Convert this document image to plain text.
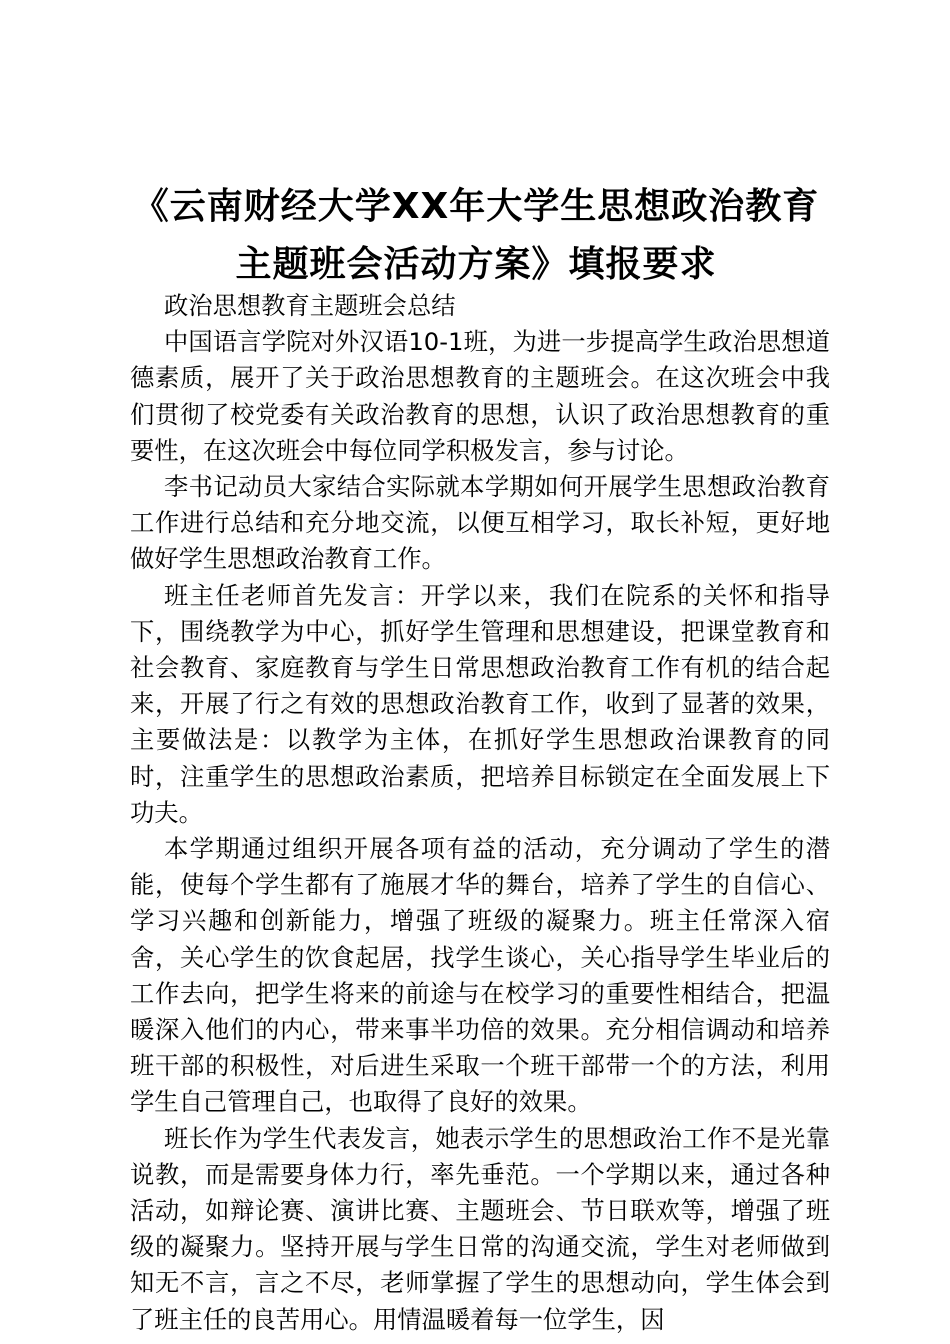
《云南财经大学XX年大学生思想政治教育主题班会活动方案》填报要求

政治思想教育主题班会总结

中国语言学院对外汉语10-1班，为进一步提高学生政治思想道德素质，展开了关于政治思想教育的主题班会。在这次班会中我们贯彻了校党委有关政治教育的思想，认识了政治思想教育的重要性，在这次班会中每位同学积极发言，参与讨论。

李书记动员大家结合实际就本学期如何开展学生思想政治教育工作进行总结和充分地交流，以便互相学习，取长补短，更好地做好学生思想政治教育工作。

班主任老师首先发言：开学以来，我们在院系的关怀和指导下，围绕教学为中心，抓好学生管理和思想建设，把课堂教育和社会教育、家庭教育与学生日常思想政治教育工作有机的结合起来，开展了行之有效的思想政治教育工作，收到了显著的效果，主要做法是：以教学为主体，在抓好学生思想政治课教育的同时，注重学生的思想政治素质，把培养目标锁定在全面发展上下功夫。

本学期通过组织开展各项有益的活动，充分调动了学生的潜能，使每个学生都有了施展才华的舞台，培养了学生的自信心、学习兴趣和创新能力，增强了班级的凝聚力。班主任常深入宿舍，关心学生的饮食起居，找学生谈心，关心指导学生毕业后的工作去向，把学生将来的前途与在校学习的重要性相结合，把温暖深入他们的内心，带来事半功倍的效果。充分相信调动和培养班干部的积极性，对后进生采取一个班干部带一个的方法，利用学生自己管理自己，也取得了良好的效果。

班长作为学生代表发言，她表示学生的思想政治工作不是光靠说教，而是需要身体力行，率先垂范。一个学期以来，通过各种活动，如辩论赛、演讲比赛、主题班会、节日联欢等，增强了班级的凝聚力。坚持开展与学生日常的沟通交流，学生对老师做到知无不言，言之不尽，老师掌握了学生的思想动向，学生体会到了班主任的良苦用心。用情温暖着每一位学生，因
